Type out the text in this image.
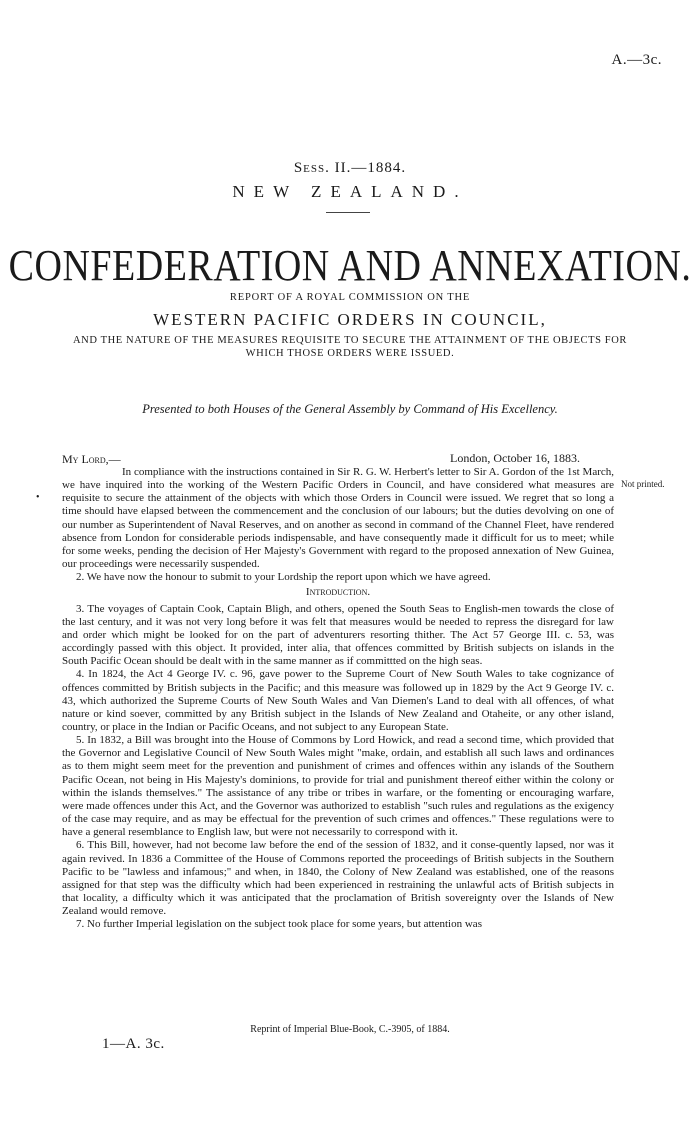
A.—3c.
Sess. II.—1884.
NEW ZEALAND.
CONFEDERATION AND ANNEXATION.
REPORT OF A ROYAL COMMISSION ON THE
WESTERN PACIFIC ORDERS IN COUNCIL,
AND THE NATURE OF THE MEASURES REQUISITE TO SECURE THE ATTAINMENT OF THE OBJECTS FOR WHICH THOSE ORDERS WERE ISSUED.
Presented to both Houses of the General Assembly by Command of His Excellency.
My Lord,—	London, October 16, 1883.
Not printed.
•

In compliance with the instructions contained in Sir R. G. W. Herbert's letter to Sir A. Gordon of the 1st March, we have inquired into the working of the Western Pacific Orders in Council, and have considered what measures are requisite to secure the attainment of the objects with which those Orders in Council were issued. We regret that so long a time should have elapsed between the commencement and the conclusion of our labours; but the duties devolving on one of our number as Superintendent of Naval Reserves, and on another as second in command of the Channel Fleet, have rendered absence from London for considerable periods indispensable, and have consequently made it difficult for us to meet; while for some weeks, pending the decision of Her Majesty's Government with regard to the proposed annexation of New Guinea, our proceedings were necessarily suspended.

2. We have now the honour to submit to your Lordship the report upon which we have agreed.

Introduction.

3. The voyages of Captain Cook, Captain Bligh, and others, opened the South Seas to English-men towards the close of the last century, and it was not very long before it was felt that measures would be needed to repress the disregard for law and order which might be looked for on the part of adventurers resorting thither. The Act 57 George III. c. 53, was accordingly passed with this object. It provided, inter alia, that offences committed by British subjects on islands in the South Pacific Ocean should be dealt with in the same manner as if committted on the high seas.

4. In 1824, the Act 4 George IV. c. 96, gave power to the Supreme Court of New South Wales to take cognizance of offences committed by British subjects in the Pacific; and this measure was followed up in 1829 by the Act 9 George IV. c. 43, which authorized the Supreme Courts of New South Wales and Van Diemen's Land to deal with all offences, of what nature or kind soever, committed by any British subject in the Islands of New Zealand and Otaheite, or any other island, country, or place in the Indian or Pacific Oceans, and not subject to any European State.

5. In 1832, a Bill was brought into the House of Commons by Lord Howick, and read a second time, which provided that the Governor and Legislative Council of New South Wales might "make, ordain, and establish all such laws and ordinances as to them might seem meet for the prevention and punishment of crimes and offences within any islands of the Southern Pacific Ocean, not being in His Majesty's dominions, to provide for trial and punishment thereof either within the colony or within the islands themselves." The assistance of any tribe or tribes in warfare, or the fomenting or encouraging warfare, were made offences under this Act, and the Governor was authorized to establish "such rules and regulations as the exigency of the case may require, and as may be effectual for the prevention of such crimes and offences." These regulations were to have a general resemblance to English law, but were not necessarily to correspond with it.

6. This Bill, however, had not become law before the end of the session of 1832, and it conse-quently lapsed, nor was it again revived. In 1836 a Committee of the House of Commons reported the proceedings of British subjects in the Southern Pacific to be "lawless and infamous;" and when, in 1840, the Colony of New Zealand was established, one of the reasons assigned for that step was the difficulty which had been experienced in restraining the unlawful acts of British subjects in that locality, a difficulty which it was anticipated that the proclamation of British sovereignty over the Islands of New Zealand would remove.

7. No further Imperial legislation on the subject took place for some years, but attention was

Reprint of Imperial Blue-Book, C.-3905, of 1884.
1—A. 3c.
